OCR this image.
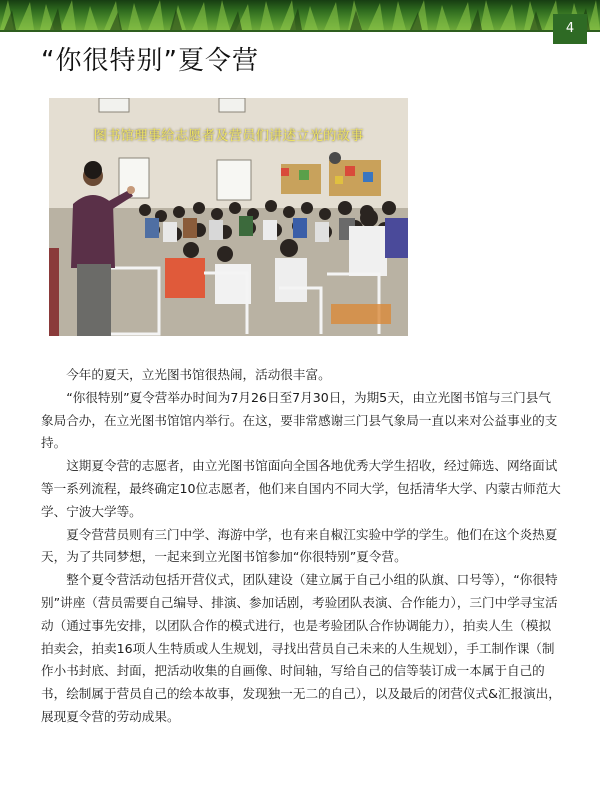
4
“你很特别”夏令营
图书馆理事给志愿者及营员们讲述立光的故事

今年的夏天，立光图书馆很热闹，活动很丰富。

“你很特别”夏令营举办时间为7月26日至7月30日，为期5天，由立光图书馆与三门县气象局合办，在立光图书馆馆内举行。在这，要非常感谢三门县气象局一直以来对公益事业的支持。

这期夏令营的志愿者，由立光图书馆面向全国各地优秀大学生招收，经过筛选、网络面试等一系列流程，最终确定10位志愿者，他们来自国内不同大学，包括清华大学、内蒙古师范大学、宁波大学等。

夏令营营员则有三门中学、海游中学，也有来自椒江实验中学的学生。他们在这个炎热夏天，为了共同梦想，一起来到立光图书馆参加“你很特别”夏令营。

整个夏令营活动包括开营仪式，团队建设（建立属于自己小组的队旗、口号等），“你很特别”讲座（营员需要自己编导、排演、参加话剧，考验团队表演、合作能力），三门中学寻宝活动（通过事先安排，以团队合作的模式进行，也是考验团队合作协调能力），拍卖人生（模拟拍卖会，拍卖16项人生特质或人生规划，寻找出营员自己未来的人生规划），手工制作课（制作小书封底、封面，把活动收集的自画像、时间轴，写给自己的信等装订成一本属于自己的书，绘制属于营员自己的绘本故事，发现独一无二的自己），以及最后的闭营仪式&汇报演出，展现夏令营的劳动成果。
